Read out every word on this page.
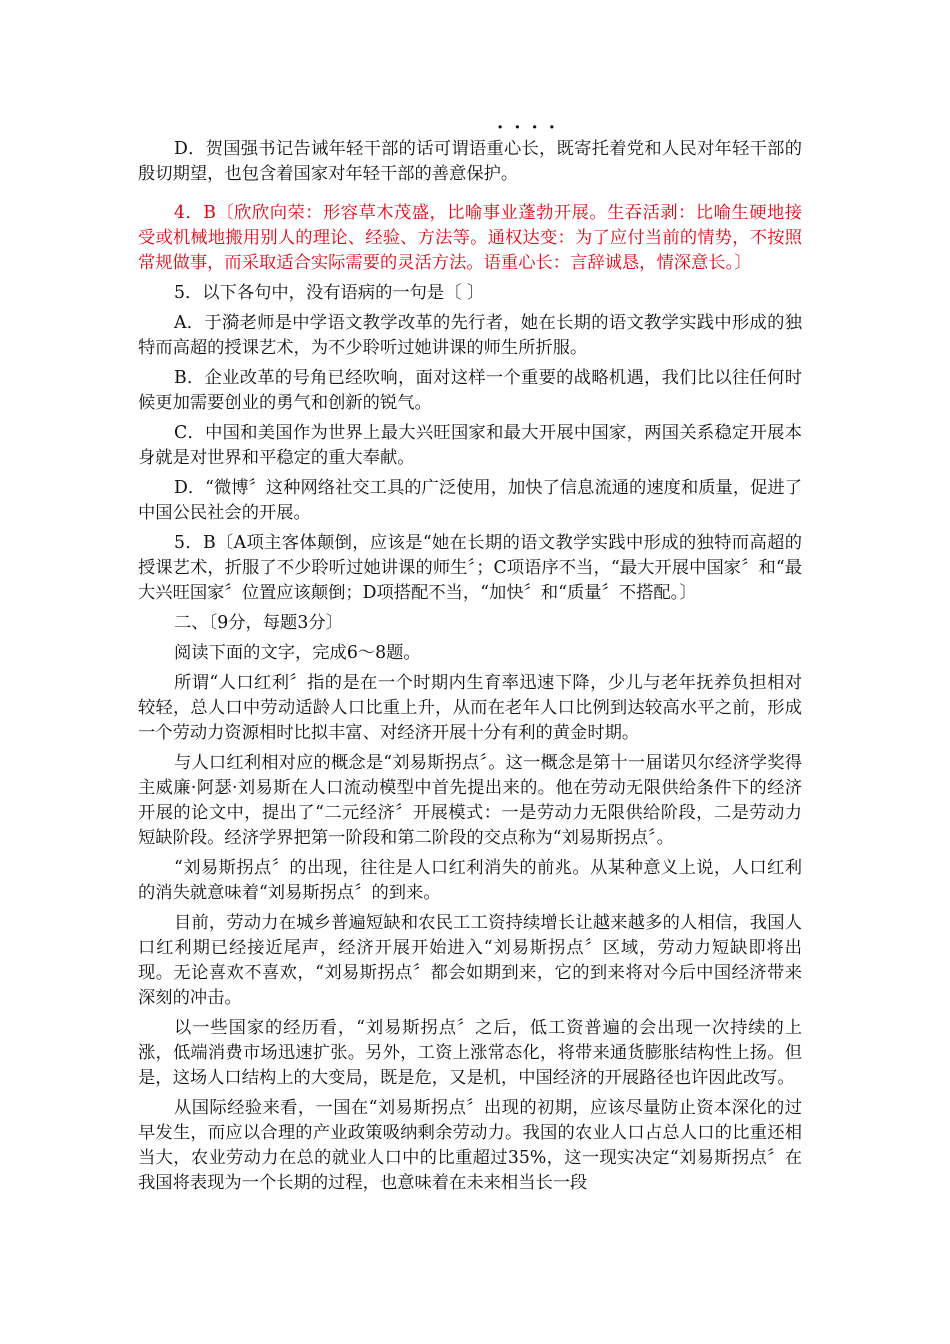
····

D．贺国强书记告诫年轻干部的话可谓语重心长，既寄托着党和人民对年轻干部的殷切期望，也包含着国家对年轻干部的善意保护。

4．B〔欣欣向荣：形容草木茂盛，比喻事业蓬勃开展。生吞活剥：比喻生硬地接受或机械地搬用别人的理论、经验、方法等。通权达变：为了应付当前的情势，不按照常规做事，而采取适合实际需要的灵活方法。语重心长：言辞诚恳，情深意长。〕

5．以下各句中，没有语病的一句是〔 〕

A．于漪老师是中学语文教学改革的先行者，她在长期的语文教学实践中形成的独特而高超的授课艺术，为不少聆听过她讲课的师生所折服。

B．企业改革的号角已经吹响，面对这样一个重要的战略机遇，我们比以往任何时候更加需要创业的勇气和创新的锐气。

C．中国和美国作为世界上最大兴旺国家和最大开展中国家，两国关系稳定开展本身就是对世界和平稳定的重大奉献。

D．“微博〞这种网络社交工具的广泛使用，加快了信息流通的速度和质量，促进了中国公民社会的开展。

5．B〔A项主客体颠倒，应该是“她在长期的语文教学实践中形成的独特而高超的授课艺术，折服了不少聆听过她讲课的师生〞；C项语序不当，“最大开展中国家〞和“最大兴旺国家〞位置应该颠倒；D项搭配不当，“加快〞和“质量〞不搭配。〕

二、〔9分，每题3分〕

阅读下面的文字，完成6～8题。

所谓“人口红利〞指的是在一个时期内生育率迅速下降，少儿与老年抚养负担相对较轻，总人口中劳动适龄人口比重上升，从而在老年人口比例到达较高水平之前，形成一个劳动力资源相时比拟丰富、对经济开展十分有利的黄金时期。

与人口红利相对应的概念是“刘易斯拐点〞。这一概念是第十一届诺贝尔经济学奖得主威廉·阿瑟·刘易斯在人口流动模型中首先提出来的。他在劳动无限供给条件下的经济开展的论文中，提出了“二元经济〞开展模式：一是劳动力无限供给阶段，二是劳动力短缺阶段。经济学界把第一阶段和第二阶段的交点称为“刘易斯拐点〞。

“刘易斯拐点〞的出现，往往是人口红利消失的前兆。从某种意义上说，人口红利的消失就意味着“刘易斯拐点〞的到来。

目前，劳动力在城乡普遍短缺和农民工工资持续增长让越来越多的人相信，我国人口红利期已经接近尾声，经济开展开始进入“刘易斯拐点〞区域，劳动力短缺即将出现。无论喜欢不喜欢，“刘易斯拐点〞都会如期到来，它的到来将对今后中国经济带来深刻的冲击。

以一些国家的经历看，“刘易斯拐点〞之后，低工资普遍的会出现一次持续的上涨，低端消费市场迅速扩张。另外，工资上涨常态化，将带来通货膨胀结构性上扬。但是，这场人口结构上的大变局，既是危，又是机，中国经济的开展路径也许因此改写。

从国际经验来看，一国在“刘易斯拐点〞出现的初期，应该尽量防止资本深化的过早发生，而应以合理的产业政策吸纳剩余劳动力。我国的农业人口占总人口的比重还相当大，农业劳动力在总的就业人口中的比重超过35%，这一现实决定“刘易斯拐点〞在我国将表现为一个长期的过程，也意味着在未来相当长一段
